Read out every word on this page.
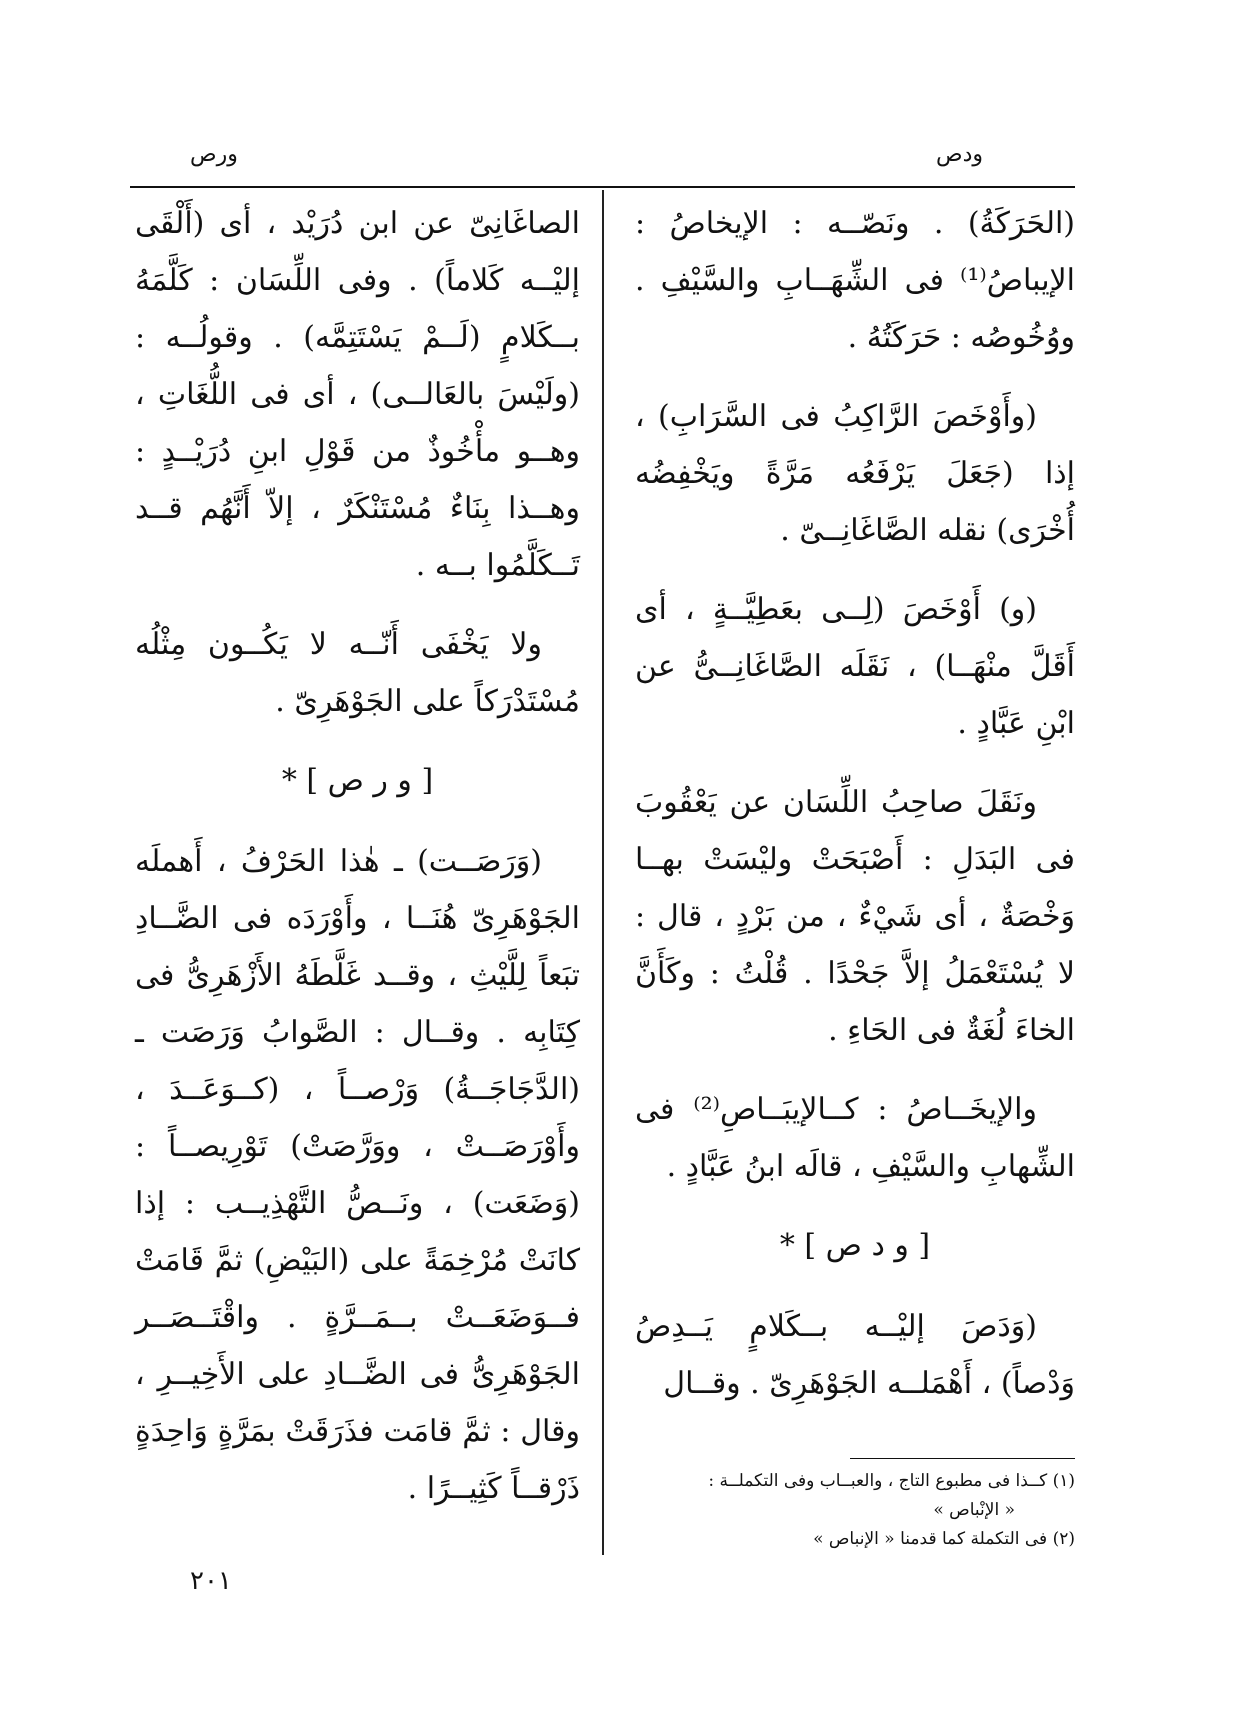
ودص
ورص

(الحَرَكَةُ) . ونَصّــه : الإيخاصُ : الإيباصُ⁽¹⁾ فى الشِّهَــابِ والسَّيْفِ . ووُخُوصُه : حَرَكَتُهُ .

(وأَوْخَصَ الرَّاكِبُ فى السَّرَابِ) ، إذا (جَعَلَ يَرْفَعُه مَرَّةً ويَخْفِضُه أُخْرَى) نقله الصَّاغَانِــىّ .

(و) أَوْخَصَ (لِــى بعَطِيَّــةٍ ، أى أَقَلَّ منْهَــا) ، نَقَلَه الصَّاغَانِــىُّ عن ابْنِ عَبَّادٍ .

ونَقَلَ صاحِبُ اللِّسَان عن يَعْقُوبَ فى البَدَلِ : أَصْبَحَتْ وليْسَتْ بهــا وَخْصَةٌ ، أى شَيْءٌ ، من بَرْدٍ ، قال : لا يُسْتَعْمَلُ إلاَّ جَحْدًا . قُلْتُ : وكَأَنَّ الخاءَ لُغَةٌ فى الحَاءِ .

والإيخَــاصُ : كــالإيبَــاصِ⁽²⁾ فى الشِّهابِ والسَّيْفِ ، قالَه ابنُ عَبَّادٍ .

[ و د ص ] *

(وَدَصَ إليْــه بــكَلامٍ يَــدِصُ وَدْصاً) ، أَهْمَلــه الجَوْهَرِىّ . وقــال

الصاغَانِىّ عن ابن دُرَيْد ، أى (أَلْقَى إليْــه كَلاماً) . وفى اللِّسَان : كَلَّمَهُ بــكَلامٍ (لَــمْ يَسْتَتِمَّه) . وقولُــه : (ولَيْسَ بالعَالــى) ، أى فى اللُّغَاتِ ، وهــو مأْخُوذٌ من قَوْلِ ابنِ دُرَيْــدٍ : وهــذا بِنَاءٌ مُسْتَنْكَرٌ ، إلاّ أَنَّهُم قــد تَــكَلَّمُوا بــه .

ولا يَخْفَى أَنّــه لا يَكُــون مِثْلُه مُسْتَدْرَكاً على الجَوْهَرِىّ .

[ و ر ص ] *

(وَرَصَــت) ـ هٰذا الحَرْفُ ، أَهملَه الجَوْهَرِىّ هُنَــا ، وأَوْرَدَه فى الضَّــادِ تبَعاً لِلَّيْثِ ، وقــد غَلَّطَهُ الأَزْهَرِىُّ فى كِتَابِه . وقــال : الصَّوابُ وَرَصَت ـ (الدَّجَاجَــةُ) وَرْصــاً ، (كــوَعَــدَ ، وأَوْرَصَــتْ ، ووَرَّصَتْ) تَوْرِيصــاً : (وَضَعَت) ، ونَــصُّ التَّهْذِيــب : إذا كانَتْ مُرْخِمَةً على (البَيْضِ) ثمَّ قَامَتْ فــوَضَعَــتْ بــمَــرَّةٍ . واقْتَــصَــر الجَوْهَرِىُّ فى الضَّــادِ على الأَخِيــرِ ، وقال : ثمَّ قامَت فذَرَقَتْ بمَرَّةٍ وَاحِدَةٍ ذَرْقــاً كَثِيــرًا .	(١) كــذا فى مطبوع التاج ، والعبــاب وفى التكملــة :

« الإنْباص »

(٢) فى التكملة كما قدمنا « الإنباص »

٢٠١
